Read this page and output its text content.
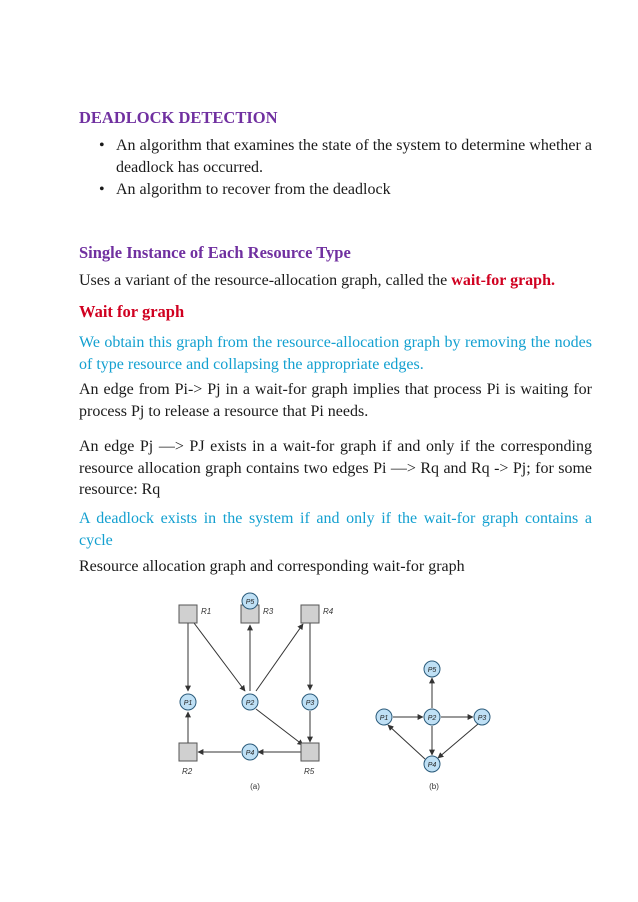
DEADLOCK DETECTION
• An algorithm that examines the state of the system to determine whether a deadlock has occurred.
• An algorithm to recover from the deadlock
Single Instance of Each Resource Type
Uses a variant of the resource-allocation graph, called the wait-for graph.
Wait for graph
We obtain this graph from the resource-allocation graph by removing the nodes of type resource and collapsing the appropriate edges.
An edge from Pi-> Pj in a wait-for graph implies that process Pi is waiting for process Pj to release a resource that Pi needs.
An edge Pj —> PJ exists in a wait-for graph if and only if the corresponding resource allocation graph contains two edges Pi —> Rq and Rq -> Pj; for some resource: Rq
A deadlock exists in the system if and only if the wait-for graph contains a cycle
Resource allocation graph and corresponding wait-for graph
R1	R3	R4
R2	R5
P5
P1	P2	P3
P4
(a)
P5
P1	P2	P3
P4
(b)
